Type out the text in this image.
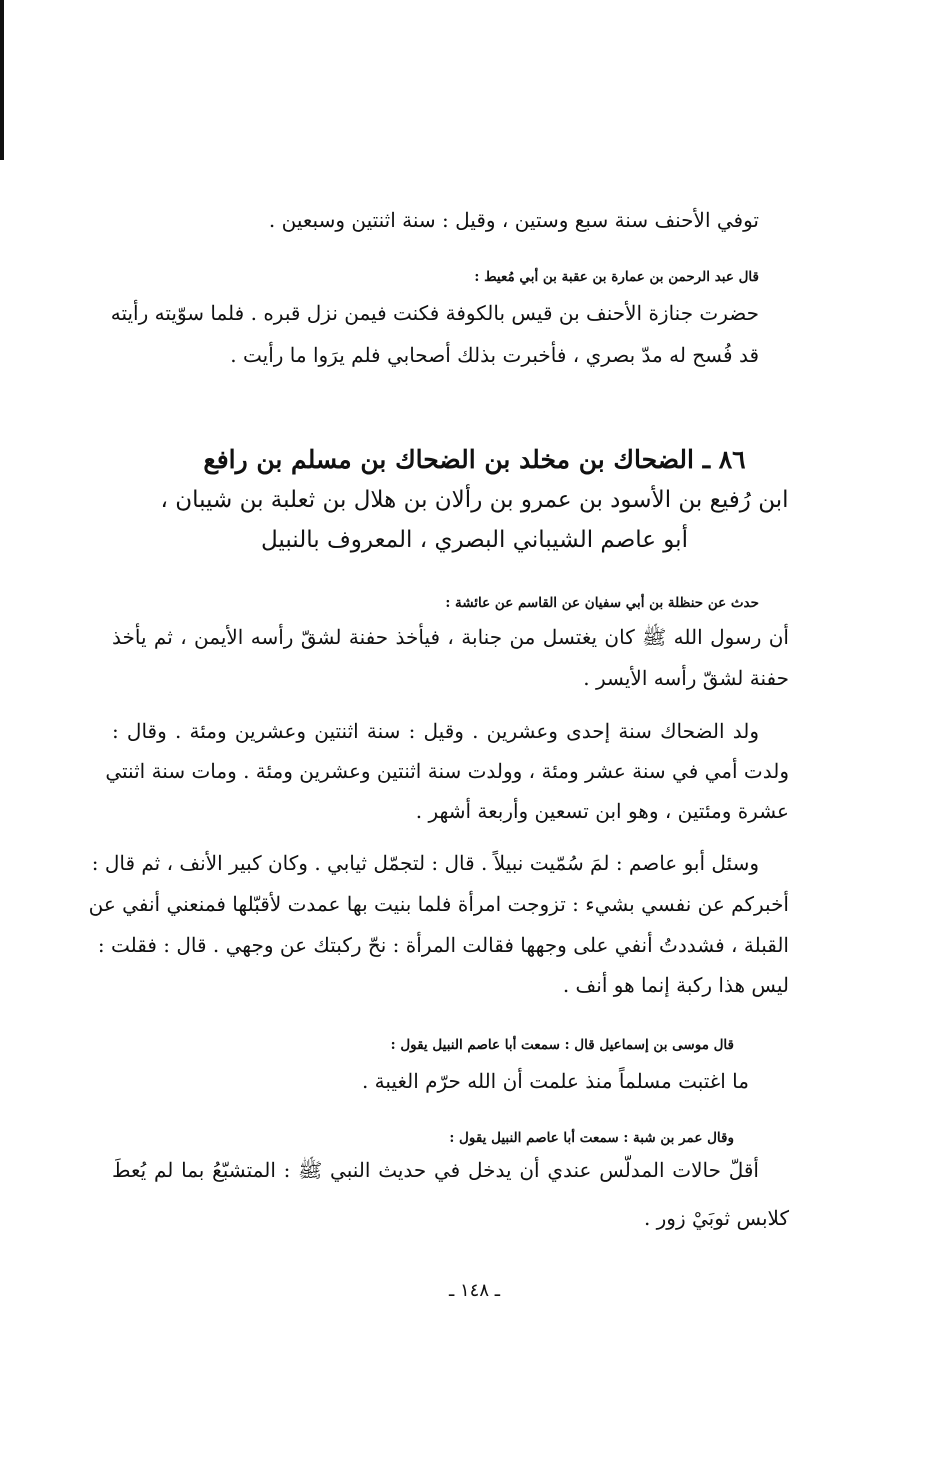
توفي الأحنف سنة سبع وستين ، وقيل : سنة اثنتين وسبعين .
قال عبد الرحمن بن عمارة بن عقبة بن أبي مُعيط :
حضرت جنازة الأحنف بن قيس بالكوفة فكنت فيمن نزل قبره . فلما سوّيته رأيته
قد فُسح له مدّ بصري ، فأخبرت بذلك أصحابي فلم يرَوا ما رأيت .
٨٦ ـ الضحاك بن مخلد بن الضحاك بن مسلم بن رافع
ابن رُفيع بن الأسود بن عمرو بن رألان بن هلال بن ثعلبة بن شيبان ،
أبو عاصم الشيباني البصري ، المعروف بالنبيل
حدث عن حنظلة بن أبي سفيان عن القاسم عن عائشة :
أن رسول الله ﷺ كان يغتسل من جنابة ، فيأخذ حفنة لشقّ رأسه الأيمن ، ثم يأخذ
حفنة لشقّ رأسه الأيسر .
ولد الضحاك سنة إحدى وعشرين . وقيل : سنة اثنتين وعشرين ومئة . وقال :
ولدت أمي في سنة عشر ومئة ، وولدت سنة اثنتين وعشرين ومئة . ومات سنة اثنتي
عشرة ومئتين ، وهو ابن تسعين وأربعة أشهر .
وسئل أبو عاصم : لمَ سُمّيت نبيلاً . قال : لتجمّل ثيابي . وكان كبير الأنف ، ثم قال :
أخبركم عن نفسي بشيء : تزوجت امرأة فلما بنيت بها عمدت لأقبّلها فمنعني أنفي عن
القبلة ، فشددتُ أنفي على وجهها فقالت المرأة : نحّ ركبتك عن وجهي . قال : فقلت :
ليس هذا ركبة إنما هو أنف .
قال موسى بن إسماعيل قال : سمعت أبا عاصم النبيل يقول :
ما اغتبت مسلماً منذ علمت أن الله حرّم الغيبة .
وقال عمر بن شبة : سمعت أبا عاصم النبيل يقول :
أقلّ حالات المدلّس عندي أن يدخل في حديث النبي ﷺ : المتشبّعُ بما لم يُعطَ
كلابس ثوبَيْ زور .
ـ ١٤٨ ـ
